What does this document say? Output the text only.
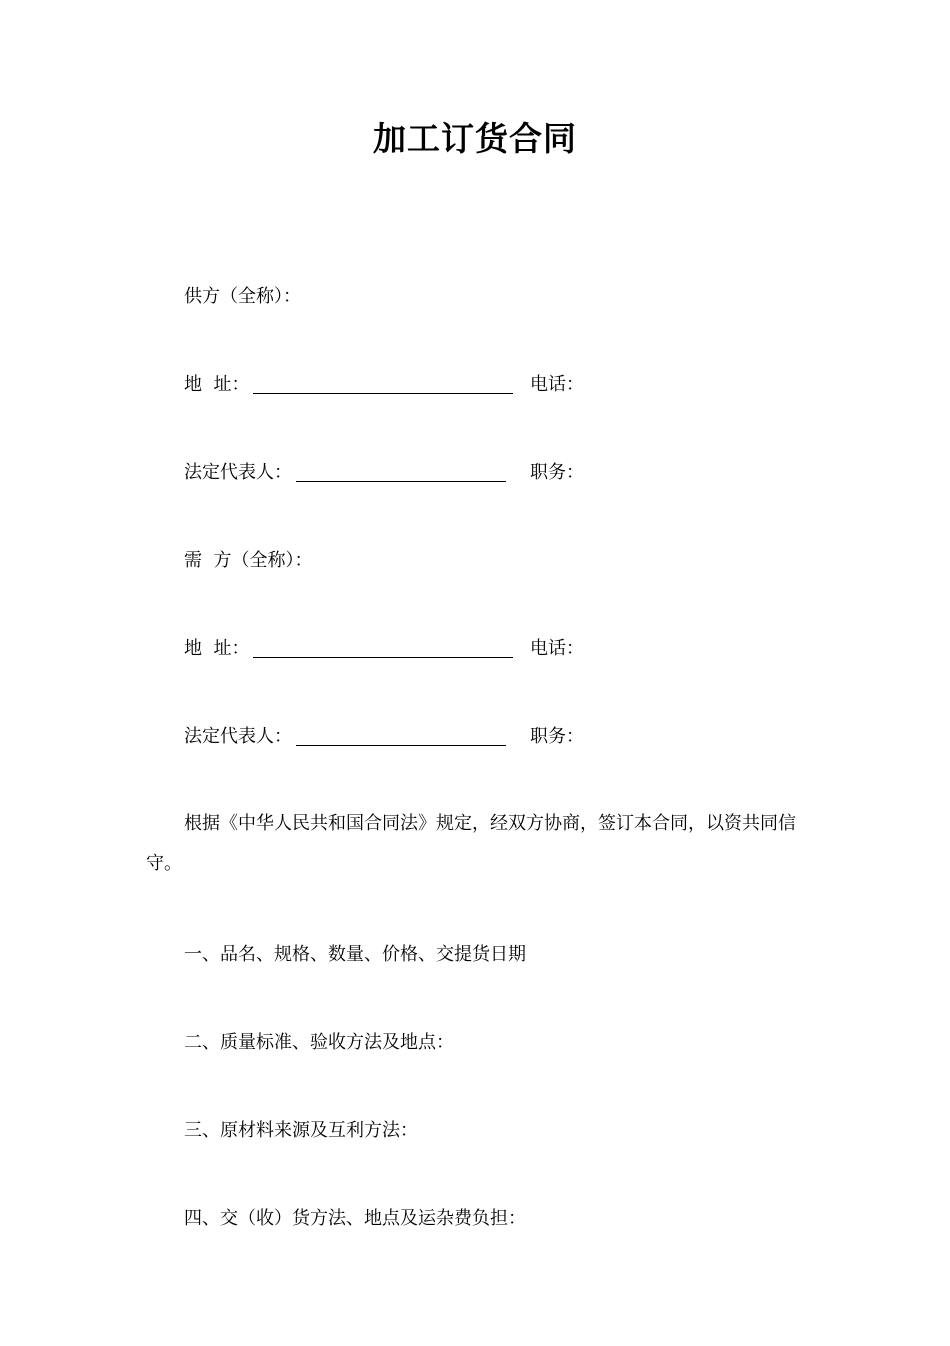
加工订货合同
供方（全称）：
地  址：	电话：
法定代表人：	职务：
需  方（全称）：
地  址：	电话：
法定代表人：	职务：

根据《中华人民共和国合同法》规定，经双方协商，签订本合同，以资共同信守。

一、品名、规格、数量、价格、交提货日期
二、质量标准、验收方法及地点：
三、原材料来源及互利方法：
四、交（收）货方法、地点及运杂费负担：
